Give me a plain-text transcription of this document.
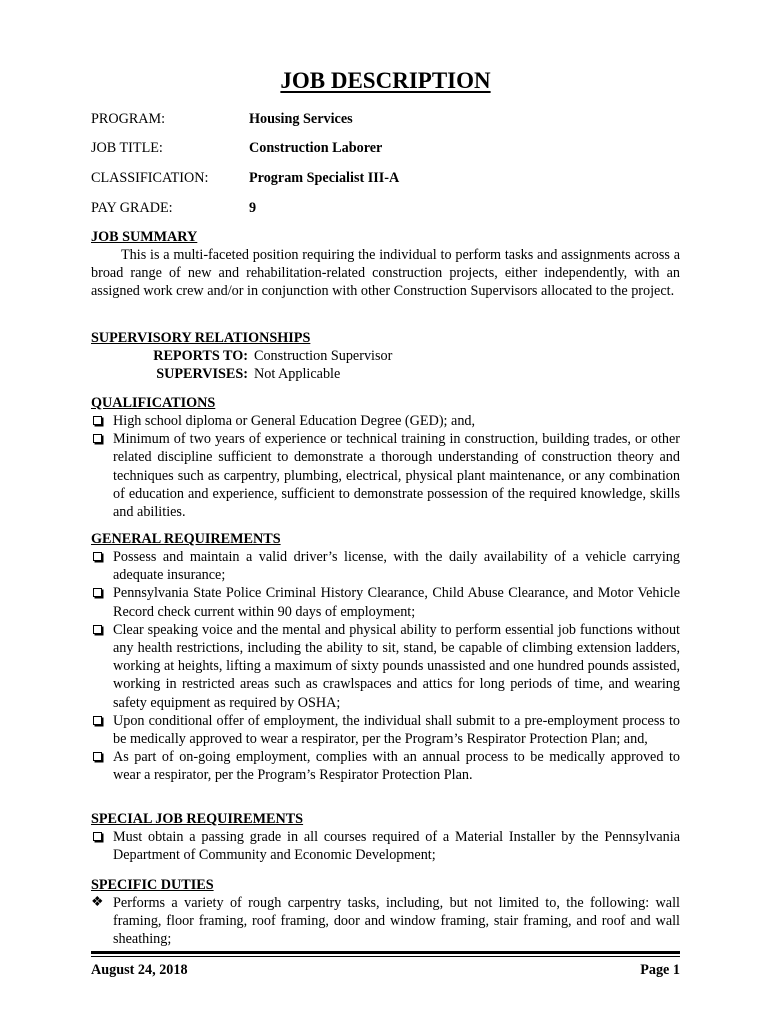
JOB DESCRIPTION
PROGRAM:	Housing Services
JOB TITLE:	Construction Laborer
CLASSIFICATION:	Program Specialist III-A
PAY GRADE:	9
JOB SUMMARY
This is a multi-faceted position requiring the individual to perform tasks and assignments across a broad range of new and rehabilitation-related construction projects, either independently, with an assigned work crew and/or in conjunction with other Construction Supervisors allocated to the project.
SUPERVISORY RELATIONSHIPS
REPORTS TO: Construction Supervisor
SUPERVISES: Not Applicable
QUALIFICATIONS
High school diploma or General Education Degree (GED); and,
Minimum of two years of experience or technical training in construction, building trades, or other related discipline sufficient to demonstrate a thorough understanding of construction theory and techniques such as carpentry, plumbing, electrical, physical plant maintenance, or any combination of education and experience, sufficient to demonstrate possession of the required knowledge, skills and abilities.
GENERAL REQUIREMENTS
Possess and maintain a valid driver’s license, with the daily availability of a vehicle carrying adequate insurance;
Pennsylvania State Police Criminal History Clearance, Child Abuse Clearance, and Motor Vehicle Record check current within 90 days of employment;
Clear speaking voice and the mental and physical ability to perform essential job functions without any health restrictions, including the ability to sit, stand, be capable of climbing extension ladders, working at heights, lifting a maximum of sixty pounds unassisted and one hundred pounds assisted, working in restricted areas such as crawlspaces and attics for long periods of time, and wearing safety equipment as required by OSHA;
Upon conditional offer of employment, the individual shall submit to a pre-employment process to be medically approved to wear a respirator, per the Program’s Respirator Protection Plan; and,
As part of on-going employment, complies with an annual process to be medically approved to wear a respirator, per the Program’s Respirator Protection Plan.
SPECIAL JOB REQUIREMENTS
Must obtain a passing grade in all courses required of a Material Installer by the Pennsylvania Department of Community and Economic Development;
SPECIFIC DUTIES
❖ Performs a variety of rough carpentry tasks, including, but not limited to, the following: wall framing, floor framing, roof framing, door and window framing, stair framing, and roof and wall sheathing;
August 24, 2018	Page 1
